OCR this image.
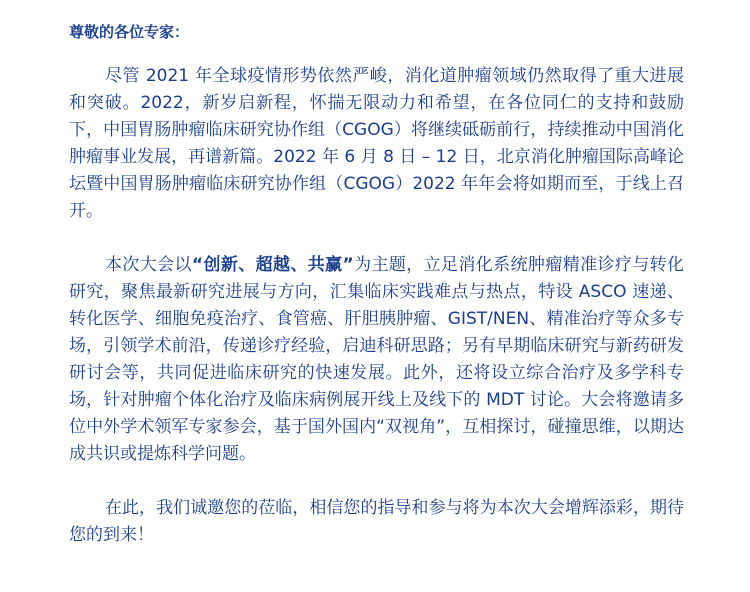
尊敬的各位专家：

尽管 2021 年全球疫情形势依然严峻，消化道肿瘤领域仍然取得了重大进展和突破。2022，新岁启新程，怀揣无限动力和希望，在各位同仁的支持和鼓励下，中国胃肠肿瘤临床研究协作组（CGOG）将继续砥砺前行，持续推动中国消化肿瘤事业发展，再谱新篇。2022 年 6 月 8 日 – 12 日，北京消化肿瘤国际高峰论坛暨中国胃肠肿瘤临床研究协作组（CGOG）2022 年年会将如期而至，于线上召开。

本次大会以“创新、超越、共赢”为主题，立足消化系统肿瘤精准诊疗与转化研究，聚焦最新研究进展与方向，汇集临床实践难点与热点，特设 ASCO 速递、转化医学、细胞免疫治疗、食管癌、肝胆胰肿瘤、GIST/NEN、精准治疗等众多专场，引领学术前沿，传递诊疗经验，启迪科研思路；另有早期临床研究与新药研发研讨会等，共同促进临床研究的快速发展。此外，还将设立综合治疗及多学科专场，针对肿瘤个体化治疗及临床病例展开线上及线下的 MDT 讨论。大会将邀请多位中外学术领军专家参会，基于国外国内“双视角”，互相探讨，碰撞思维，以期达成共识或提炼科学问题。

在此，我们诚邀您的莅临，相信您的指导和参与将为本次大会增辉添彩，期待您的到来！
